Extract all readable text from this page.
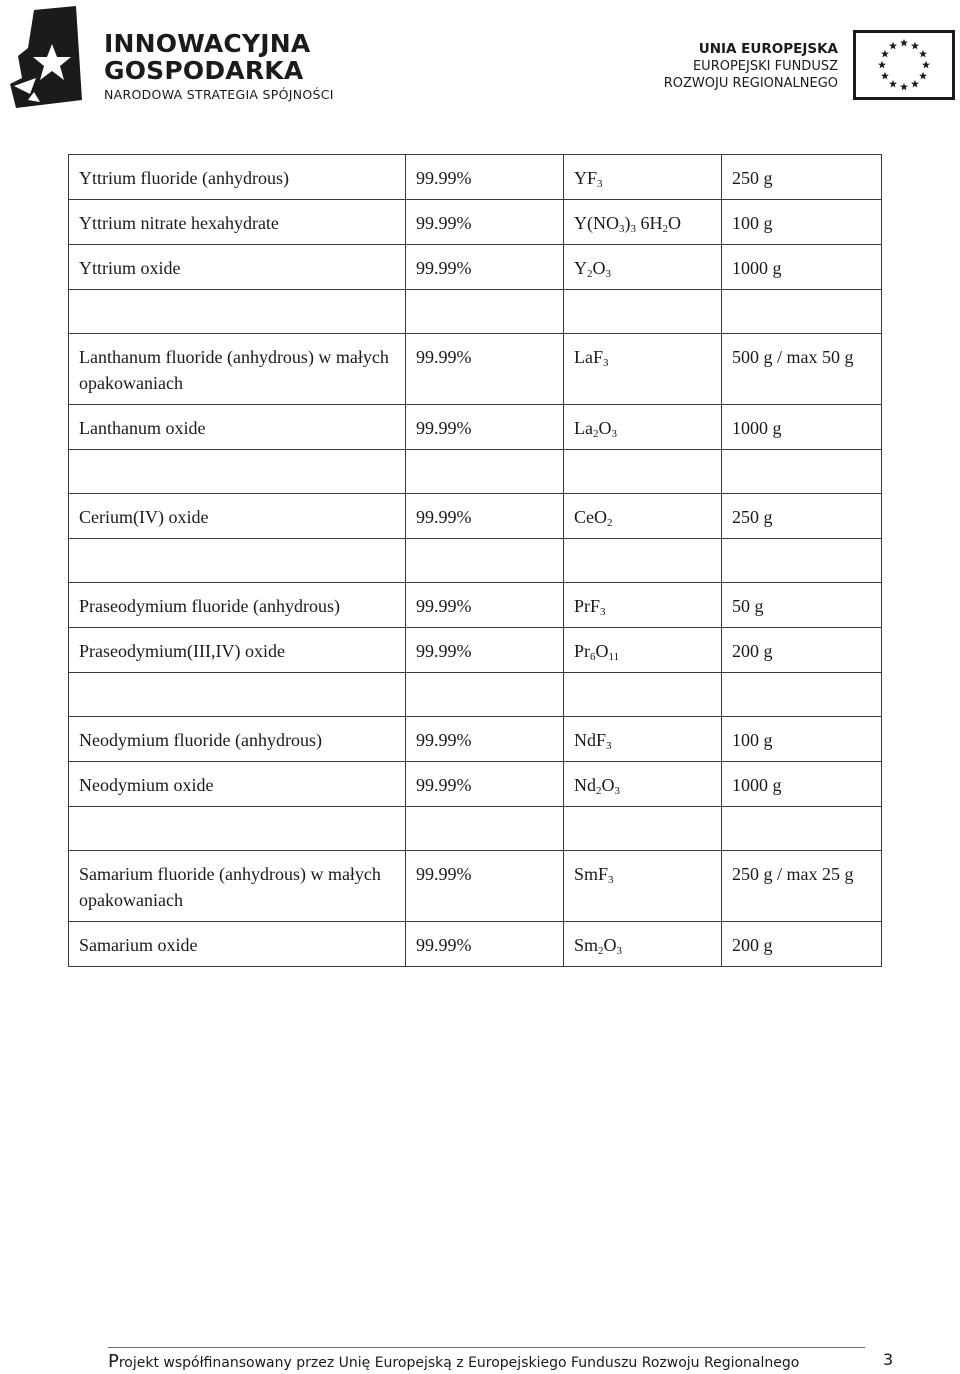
INNOWACYJNA
GOSPODARKA
NARODOWA STRATEGIA SPÓJNOŚCI
UNIA EUROPEJSKA
EUROPEJSKI FUNDUSZ
ROZWOJU REGIONALNEGO
Yttrium fluoride (anhydrous)	99.99%	$YF_3$	250 g
Yttrium nitrate hexahydrate	99.99%	$Y(NO_3)_3$ $6H_2O$	100 g
Yttrium oxide	99.99%	$Y_2O_3$	1000 g

Lanthanum fluoride (anhydrous) w małych opakowaniach	99.99%	LaF$_3$	500 g / max 50 g
Lanthanum oxide	99.99%	$La_2O_3$	1000 g

Cerium(IV) oxide	99.99%	CeO$_2$	250 g

Praseodymium fluoride (anhydrous)	99.99%	PrF$_3$	50 g
Praseodymium(III,IV) oxide	99.99%	$Pr_6O_{11}$	200 g

Neodymium fluoride (anhydrous)	99.99%	NdF$_3$	100 g
Neodymium oxide	99.99%	$Nd_2O_3$	1000 g

Samarium fluoride (anhydrous) w małych opakowaniach	99.99%	SmF$_3$	250 g / max 25 g
Samarium oxide	99.99%	$Sm_2O_3$	200 g
Projekt współfinansowany przez Unię Europejską z Europejskiego Funduszu Rozwoju Regionalnego	3
